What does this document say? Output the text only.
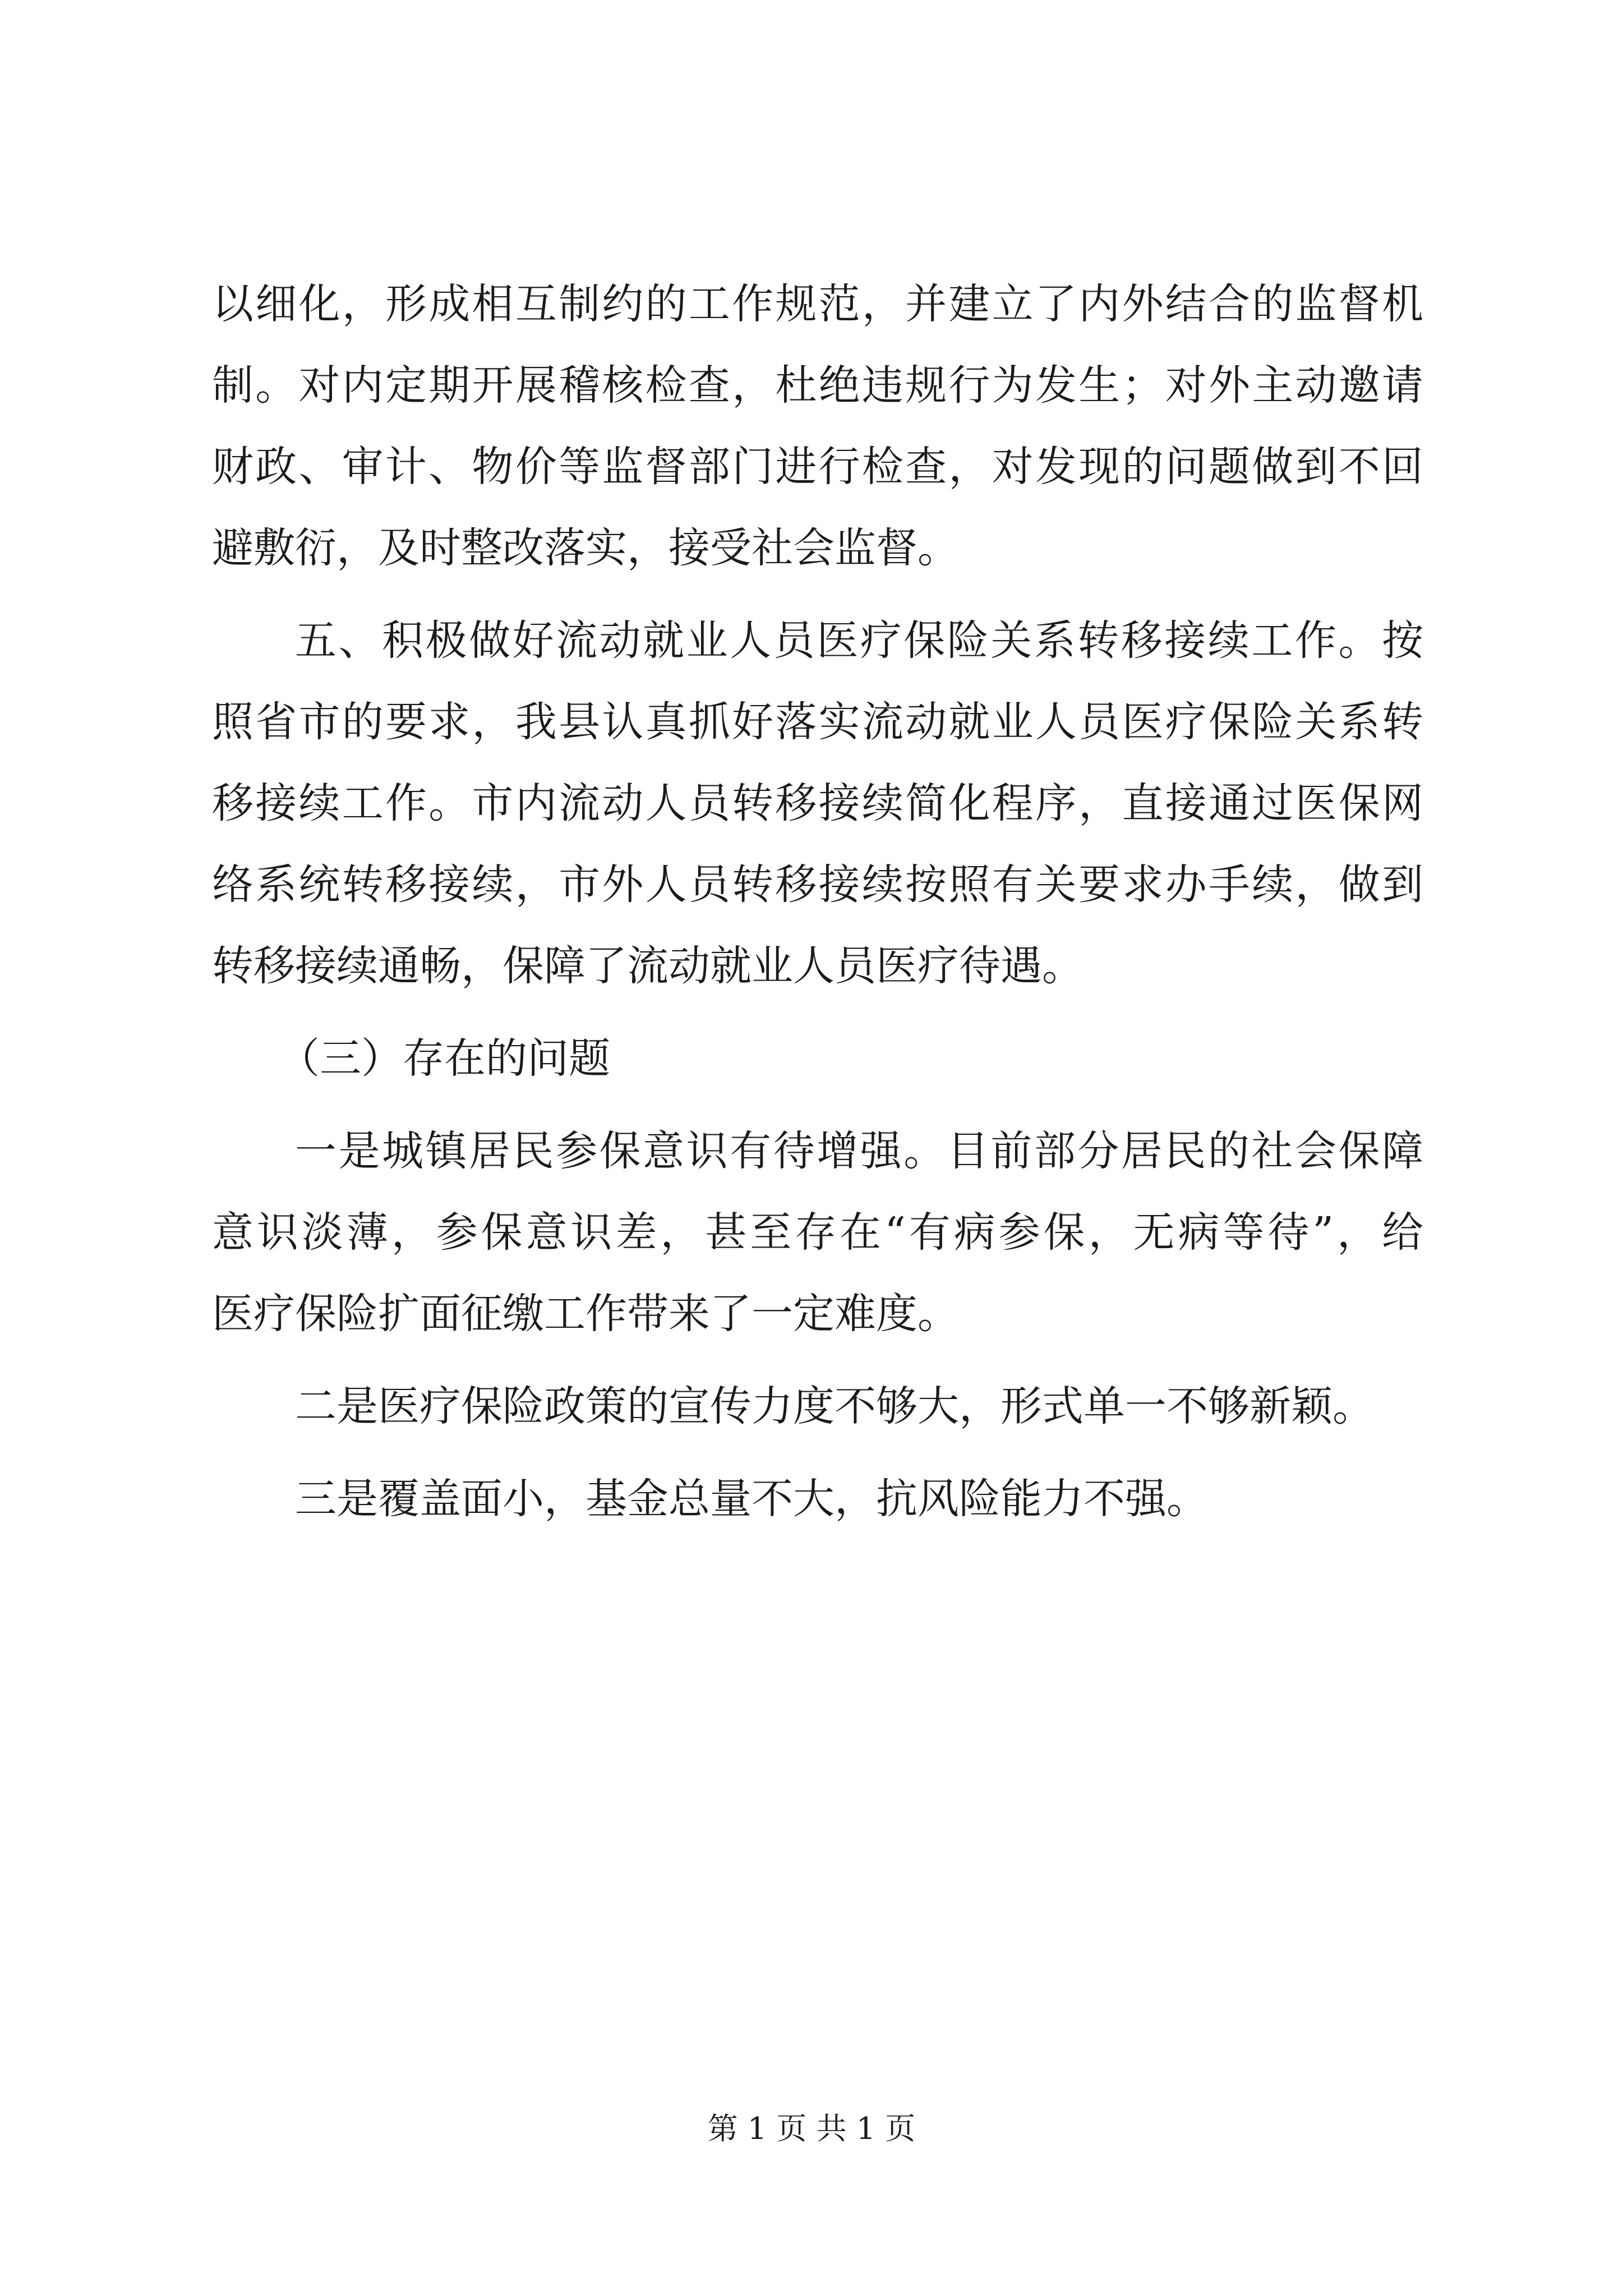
以细化，形成相互制约的工作规范，并建立了内外结合的监督机
制。对内定期开展稽核检查，杜绝违规行为发生；对外主动邀请
财政、审计、物价等监督部门进行检查，对发现的问题做到不回
避敷衍，及时整改落实，接受社会监督。
五、积极做好流动就业人员医疗保险关系转移接续工作。按
照省市的要求，我县认真抓好落实流动就业人员医疗保险关系转
移接续工作。市内流动人员转移接续简化程序，直接通过医保网
络系统转移接续，市外人员转移接续按照有关要求办手续，做到
转移接续通畅，保障了流动就业人员医疗待遇。
（三）存在的问题
一是城镇居民参保意识有待增强。目前部分居民的社会保障
意识淡薄，参保意识差，甚至存在“有病参保，无病等待”，给
医疗保险扩面征缴工作带来了一定难度。
二是医疗保险政策的宣传力度不够大，形式单一不够新颖。
三是覆盖面小，基金总量不大，抗风险能力不强。
第 1 页 共 1 页
